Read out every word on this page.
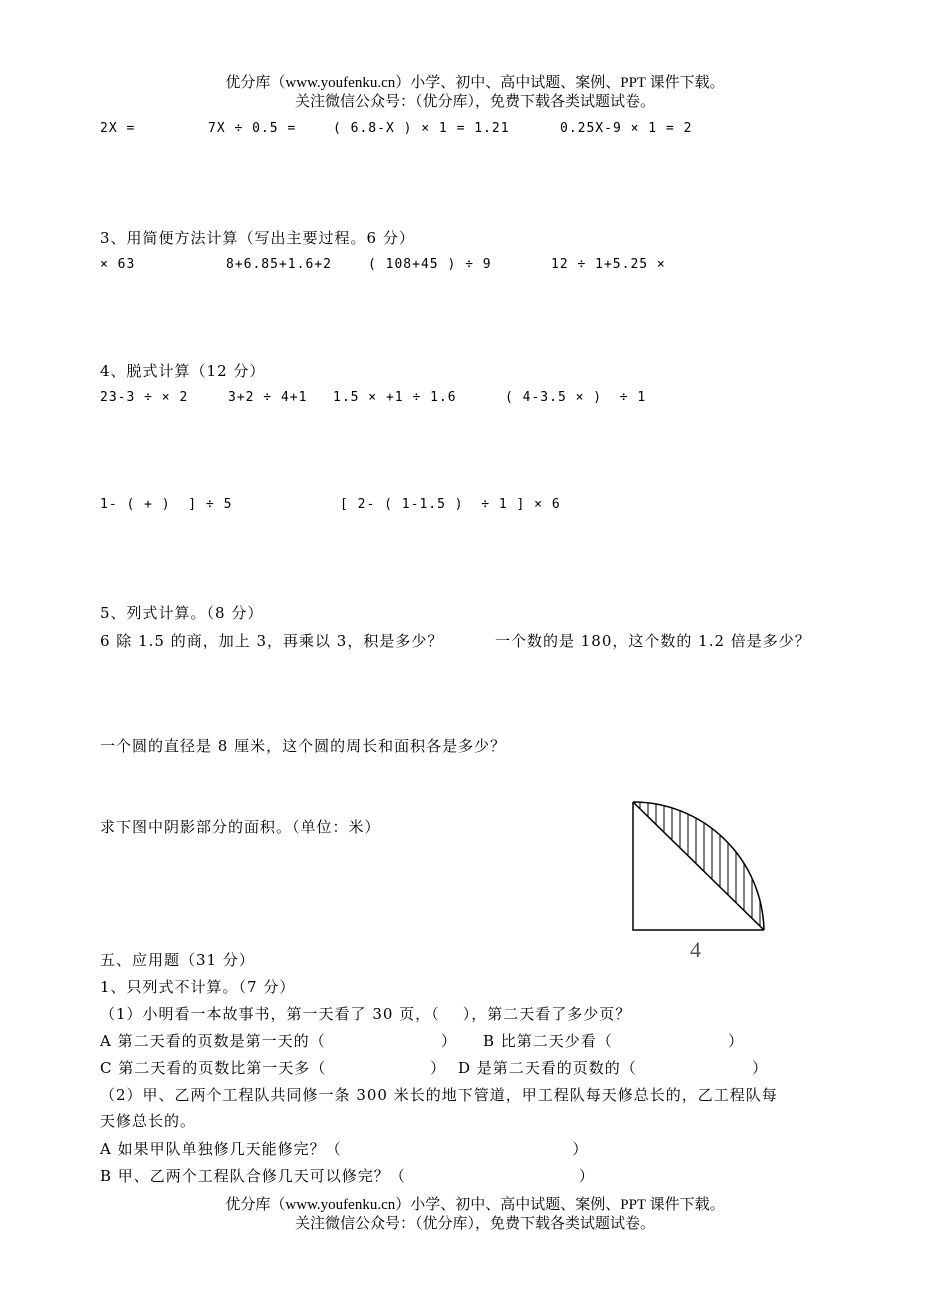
优分库（www.youfenku.cn）小学、初中、高中试题、案例、PPT 课件下载。
关注微信公众号：（优分库），免费下载各类试题试卷。
2X =	7X ÷ 0.5 =	( 6.8-X ) × 1 = 1.21	0.25X-9 × 1 = 2
3、用简便方法计算（写出主要过程。6 分）
× 63	8+6.85+1.6+2	( 108+45 ) ÷ 9	12 ÷ 1+5.25 ×
4、脱式计算（12 分）
23-3 ÷ × 2	3+2 ÷ 4+1 1.5 × +1 ÷ 1.6	( 4-3.5 × )  ÷ 1
1- ( + )  ] ÷ 5	[ 2- ( 1-1.5 )  ÷ 1 ] × 6
5、列式计算。（8 分）
6 除 1.5 的商，加上 3，再乘以 3，积是多少？	一个数的是 180，这个数的 1.2 倍是多少？
一个圆的直径是 8 厘米，这个圆的周长和面积各是多少？
求下图中阴影部分的面积。（单位：米）
4
五、应用题（31 分）
1、只列式不计算。（7 分）
（1）小明看一本故事书，第一天看了 30 页，（    ），第二天看了多少页？
A 第二天看的页数是第一天的（                    ） B 比第二天少看（                    ）
C 第二天看的页数比第一天多（                  ） D 是第二天看的页数的（                    ）
（2）甲、乙两个工程队共同修一条 300 米长的地下管道，甲工程队每天修总长的，乙工程队每
天修总长的。
A 如果甲队单独修几天能修完？（                                        ）
B 甲、乙两个工程队合修几天可以修完？（                              ）
优分库（www.youfenku.cn）小学、初中、高中试题、案例、PPT 课件下载。
关注微信公众号：（优分库），免费下载各类试题试卷。
